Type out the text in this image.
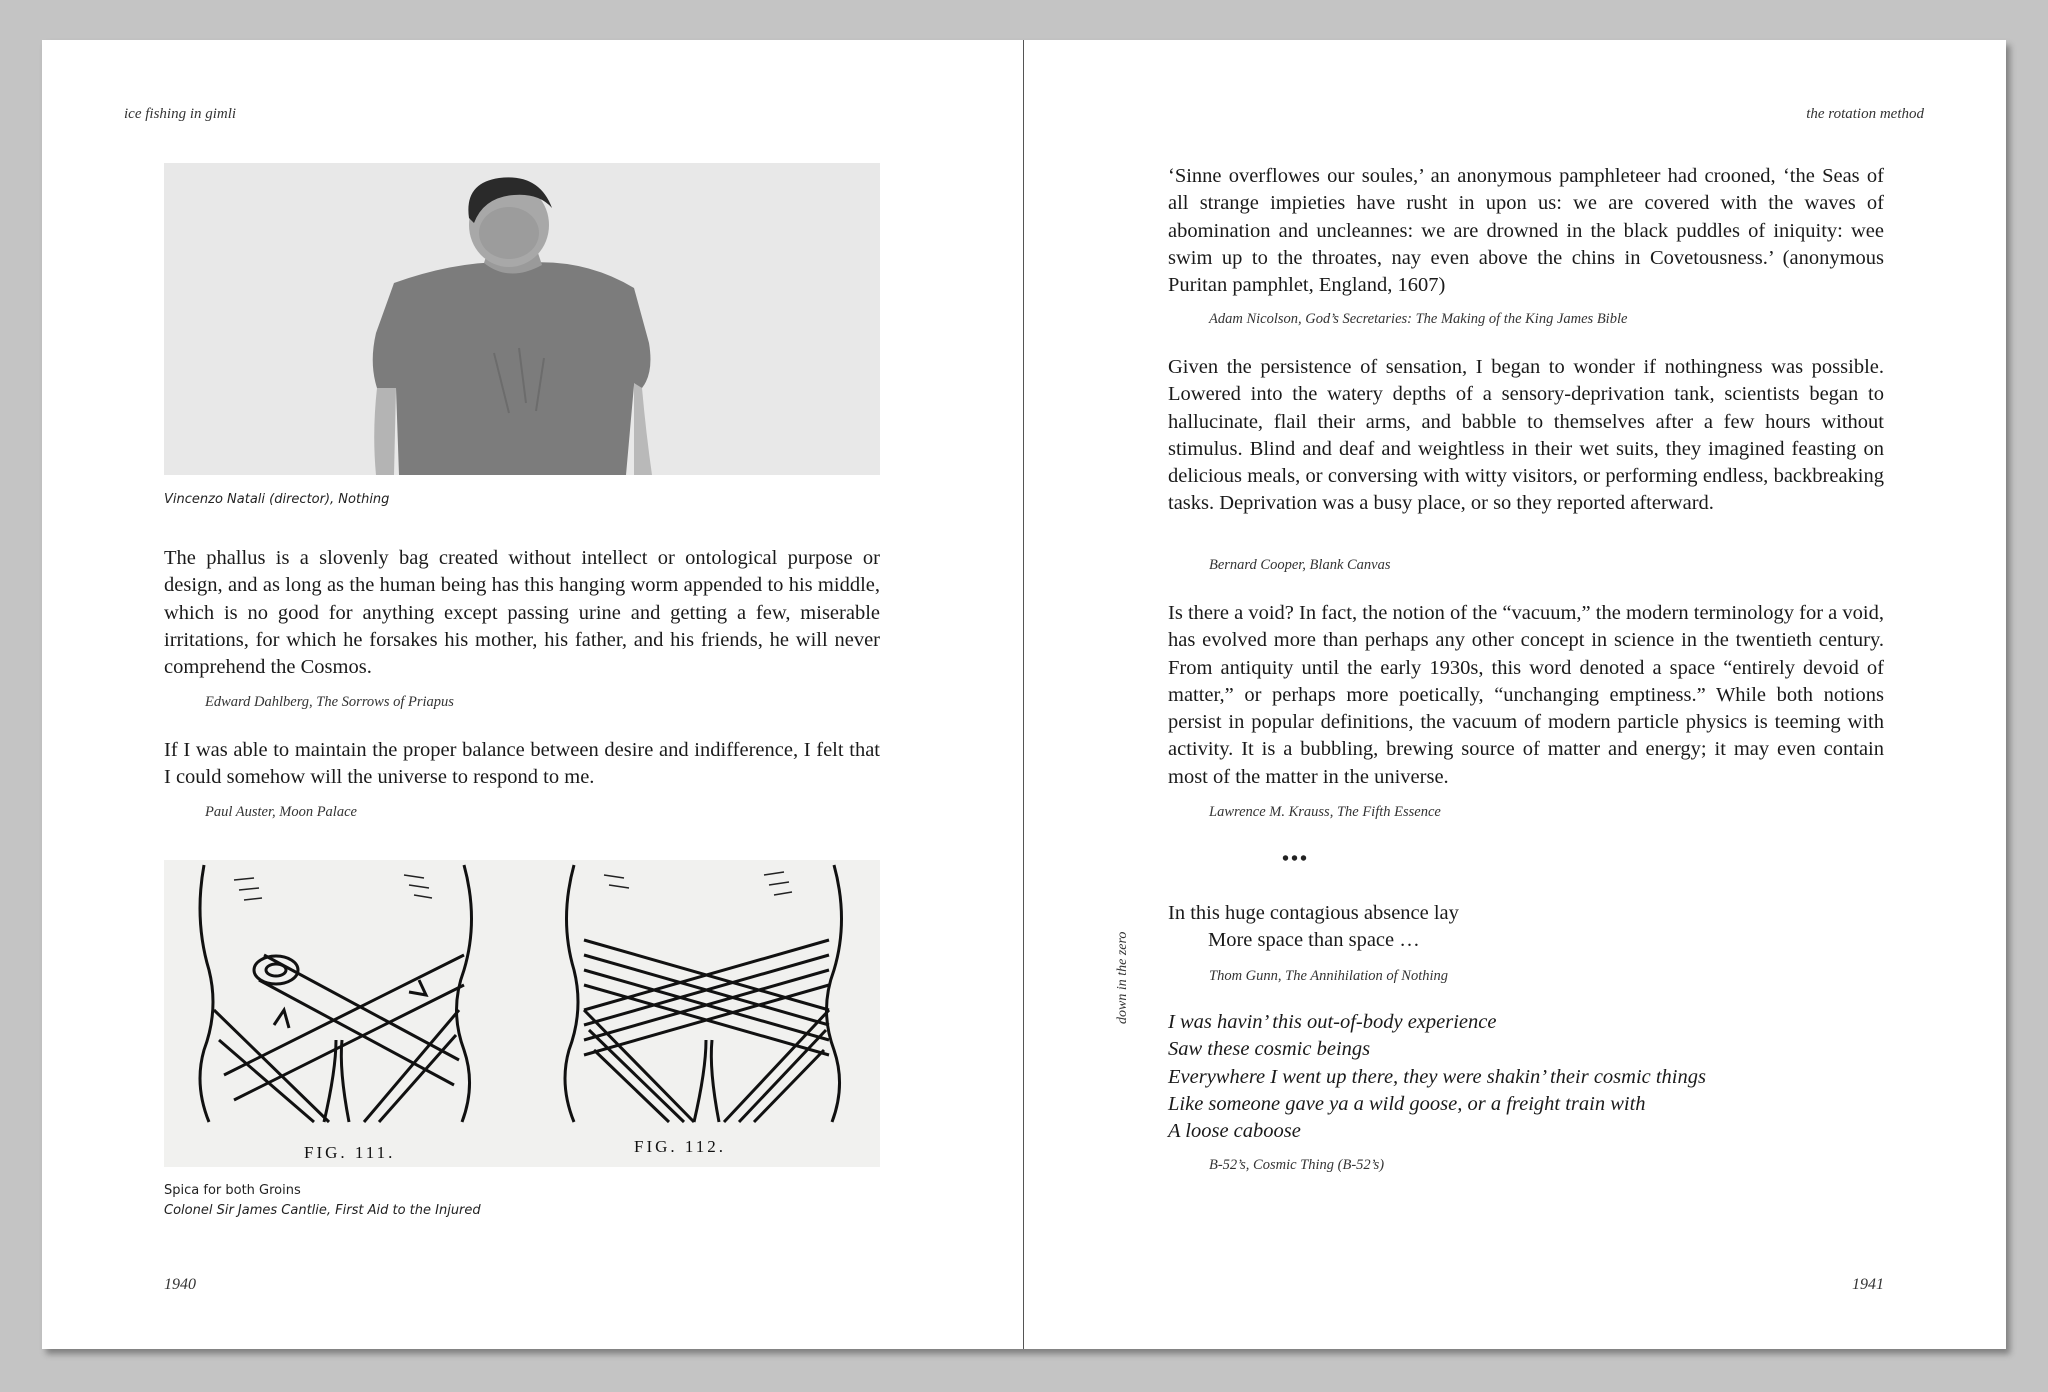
ice fishing in gimli
Vincenzo Natali (director), Nothing
The phallus is a slovenly bag created without intellect or ontological purpose or design, and as long as the human being has this hanging worm appended to his middle, which is no good for anything except passing urine and getting a few, miserable irritations, for which he forsakes his mother, his father, and his friends, he will never comprehend the Cosmos.
Edward Dahlberg, The Sorrows of Priapus
If I was able to maintain the proper balance between desire and indifference, I felt that I could somehow will the universe to respond to me.
Paul Auster, Moon Palace
FIG. 111.	FIG. 112.
Spica for both Groins
Colonel Sir James Cantlie, First Aid to the Injured
1940
the rotation method
‘Sinne overflowes our soules,’ an anonymous pamphleteer had crooned, ‘the Seas of all strange impieties have rusht in upon us: we are covered with the waves of abomination and uncleannes: we are drowned in the black puddles of iniquity: wee swim up to the throates, nay even above the chins in Covetousness.’ (anonymous Puritan pamphlet, England, 1607)
Adam Nicolson, God’s Secretaries: The Making of the King James Bible
Given the persistence of sensation, I began to wonder if nothingness was possible. Lowered into the watery depths of a sensory-deprivation tank, scientists began to hallucinate, flail their arms, and babble to themselves after a few hours without stimulus. Blind and deaf and weightless in their wet suits, they imagined feasting on delicious meals, or conversing with witty visitors, or performing endless, backbreaking tasks. Deprivation was a busy place, or so they reported afterward.
Bernard Cooper, Blank Canvas
Is there a void? In fact, the notion of the “vacuum,” the modern terminology for a void, has evolved more than perhaps any other concept in science in the twentieth century. From antiquity until the early 1930s, this word denoted a space “entirely devoid of matter,” or perhaps more poetically, “unchanging emptiness.” While both notions persist in popular definitions, the vacuum of modern particle physics is teeming with activity. It is a bubbling, brewing source of matter and energy; it may even contain most of the matter in the universe.
Lawrence M. Krauss, The Fifth Essence
•••
down in the zero
In this huge contagious absence lay
More space than space …
Thom Gunn, The Annihilation of Nothing
I was havin’ this out-of-body experience
Saw these cosmic beings
Everywhere I went up there, they were shakin’ their cosmic things
Like someone gave ya a wild goose, or a freight train with
A loose caboose
B-52’s, Cosmic Thing (B-52’s)
1941
